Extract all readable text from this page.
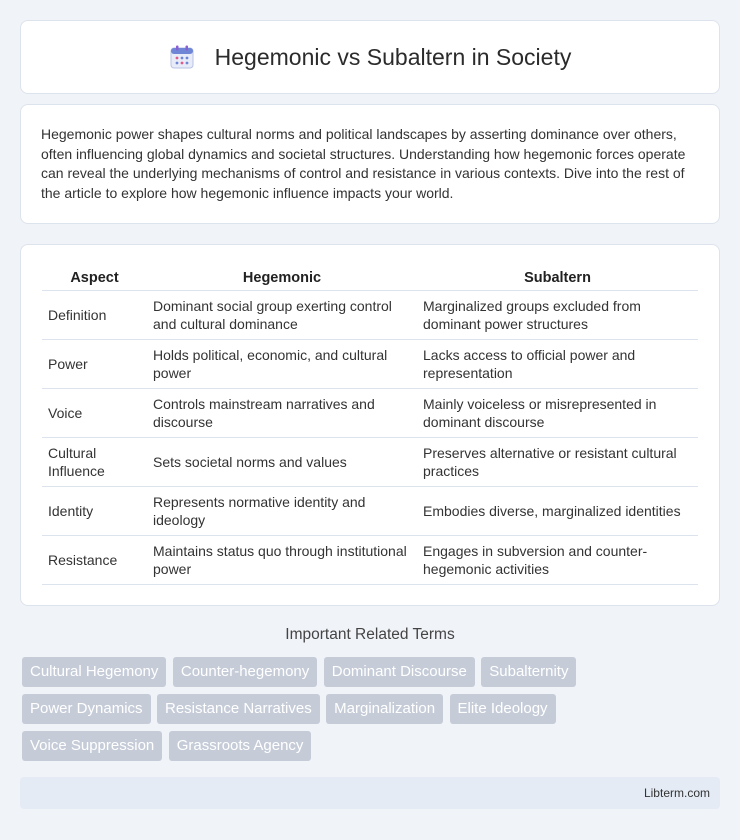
Hegemonic vs Subaltern in Society

Hegemonic power shapes cultural norms and political landscapes by asserting dominance over others, often influencing global dynamics and societal structures. Understanding how hegemonic forces operate can reveal the underlying mechanisms of control and resistance in various contexts. Dive into the rest of the article to explore how hegemonic influence impacts your world.

Aspect	Hegemonic	Subaltern
Definition	Dominant social group exerting control and cultural dominance	Marginalized groups excluded from dominant power structures
Power	Holds political, economic, and cultural power	Lacks access to official power and representation
Voice	Controls mainstream narratives and discourse	Mainly voiceless or misrepresented in dominant discourse
Cultural Influence	Sets societal norms and values	Preserves alternative or resistant cultural practices
Identity	Represents normative identity and ideology	Embodies diverse, marginalized identities
Resistance	Maintains status quo through institutional power	Engages in subversion and counter-hegemonic activities
Important Related Terms
Cultural Hegemony Counter-hegemony Dominant Discourse Subalternity Power Dynamics Resistance Narratives Marginalization Elite Ideology Voice Suppression Grassroots Agency
Libterm.com
